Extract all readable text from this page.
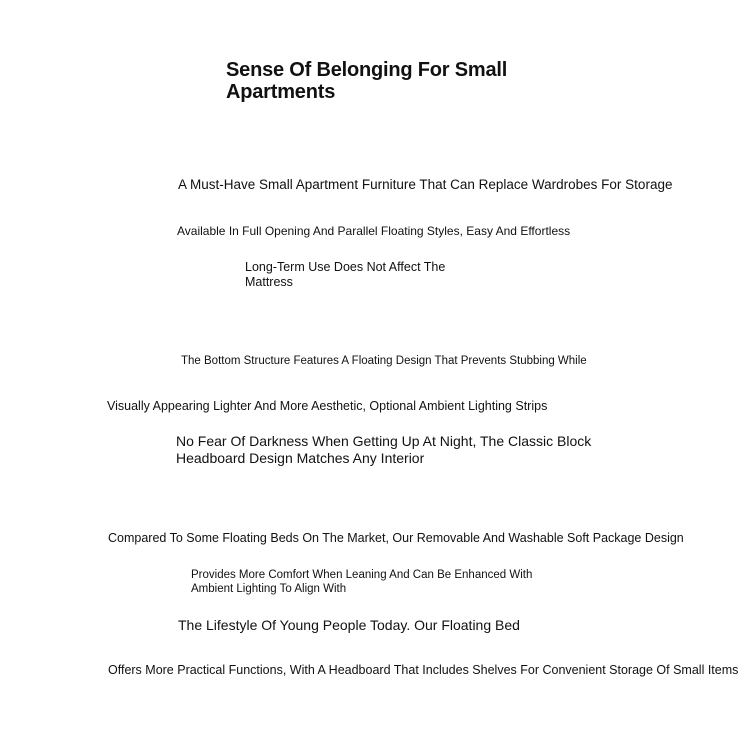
Sense Of Belonging For Small Apartments

A Must-Have Small Apartment Furniture That Can Replace Wardrobes For Storage

Available In Full Opening And Parallel Floating Styles, Easy And Effortless

Long-Term Use Does Not Affect The Mattress

The Bottom Structure Features A Floating Design That Prevents Stubbing While

Visually Appearing Lighter And More Aesthetic, Optional Ambient Lighting Strips

No Fear Of Darkness When Getting Up At Night, The Classic Block Headboard Design Matches Any Interior

Compared To Some Floating Beds On The Market, Our Removable And Washable Soft Package Design

Provides More Comfort When Leaning And Can Be Enhanced With Ambient Lighting To Align With

The Lifestyle Of Young People Today. Our Floating Bed

Offers More Practical Functions, With A Headboard That Includes Shelves For Convenient Storage Of Small Items
